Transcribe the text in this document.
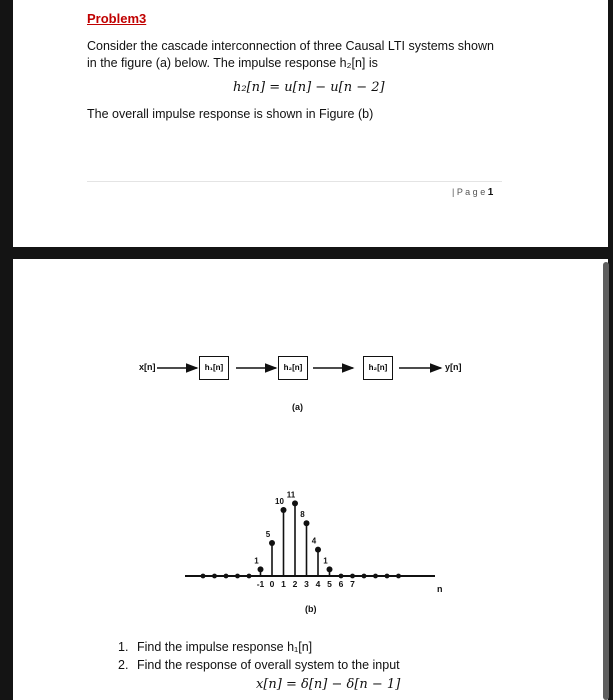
Problem3
Consider the cascade interconnection of three Causal LTI systems shown
in the figure (a) below. The impulse response h₂[n] is
h₂[n] = u[n] − u[n − 2]
The overall impulse response is shown in Figure (b)
| P a g e 1
x[n]	h₁[n]	h₂[n]	h₂[n]	y[n]
(a)
1
5
10
11
8
4
1
-1 0 1 2 3 4 5 6 7	n
(b)
1. Find the impulse response h₁[n]
2. Find the response of overall system to the input
x[n] = δ[n] − δ[n − 1]
